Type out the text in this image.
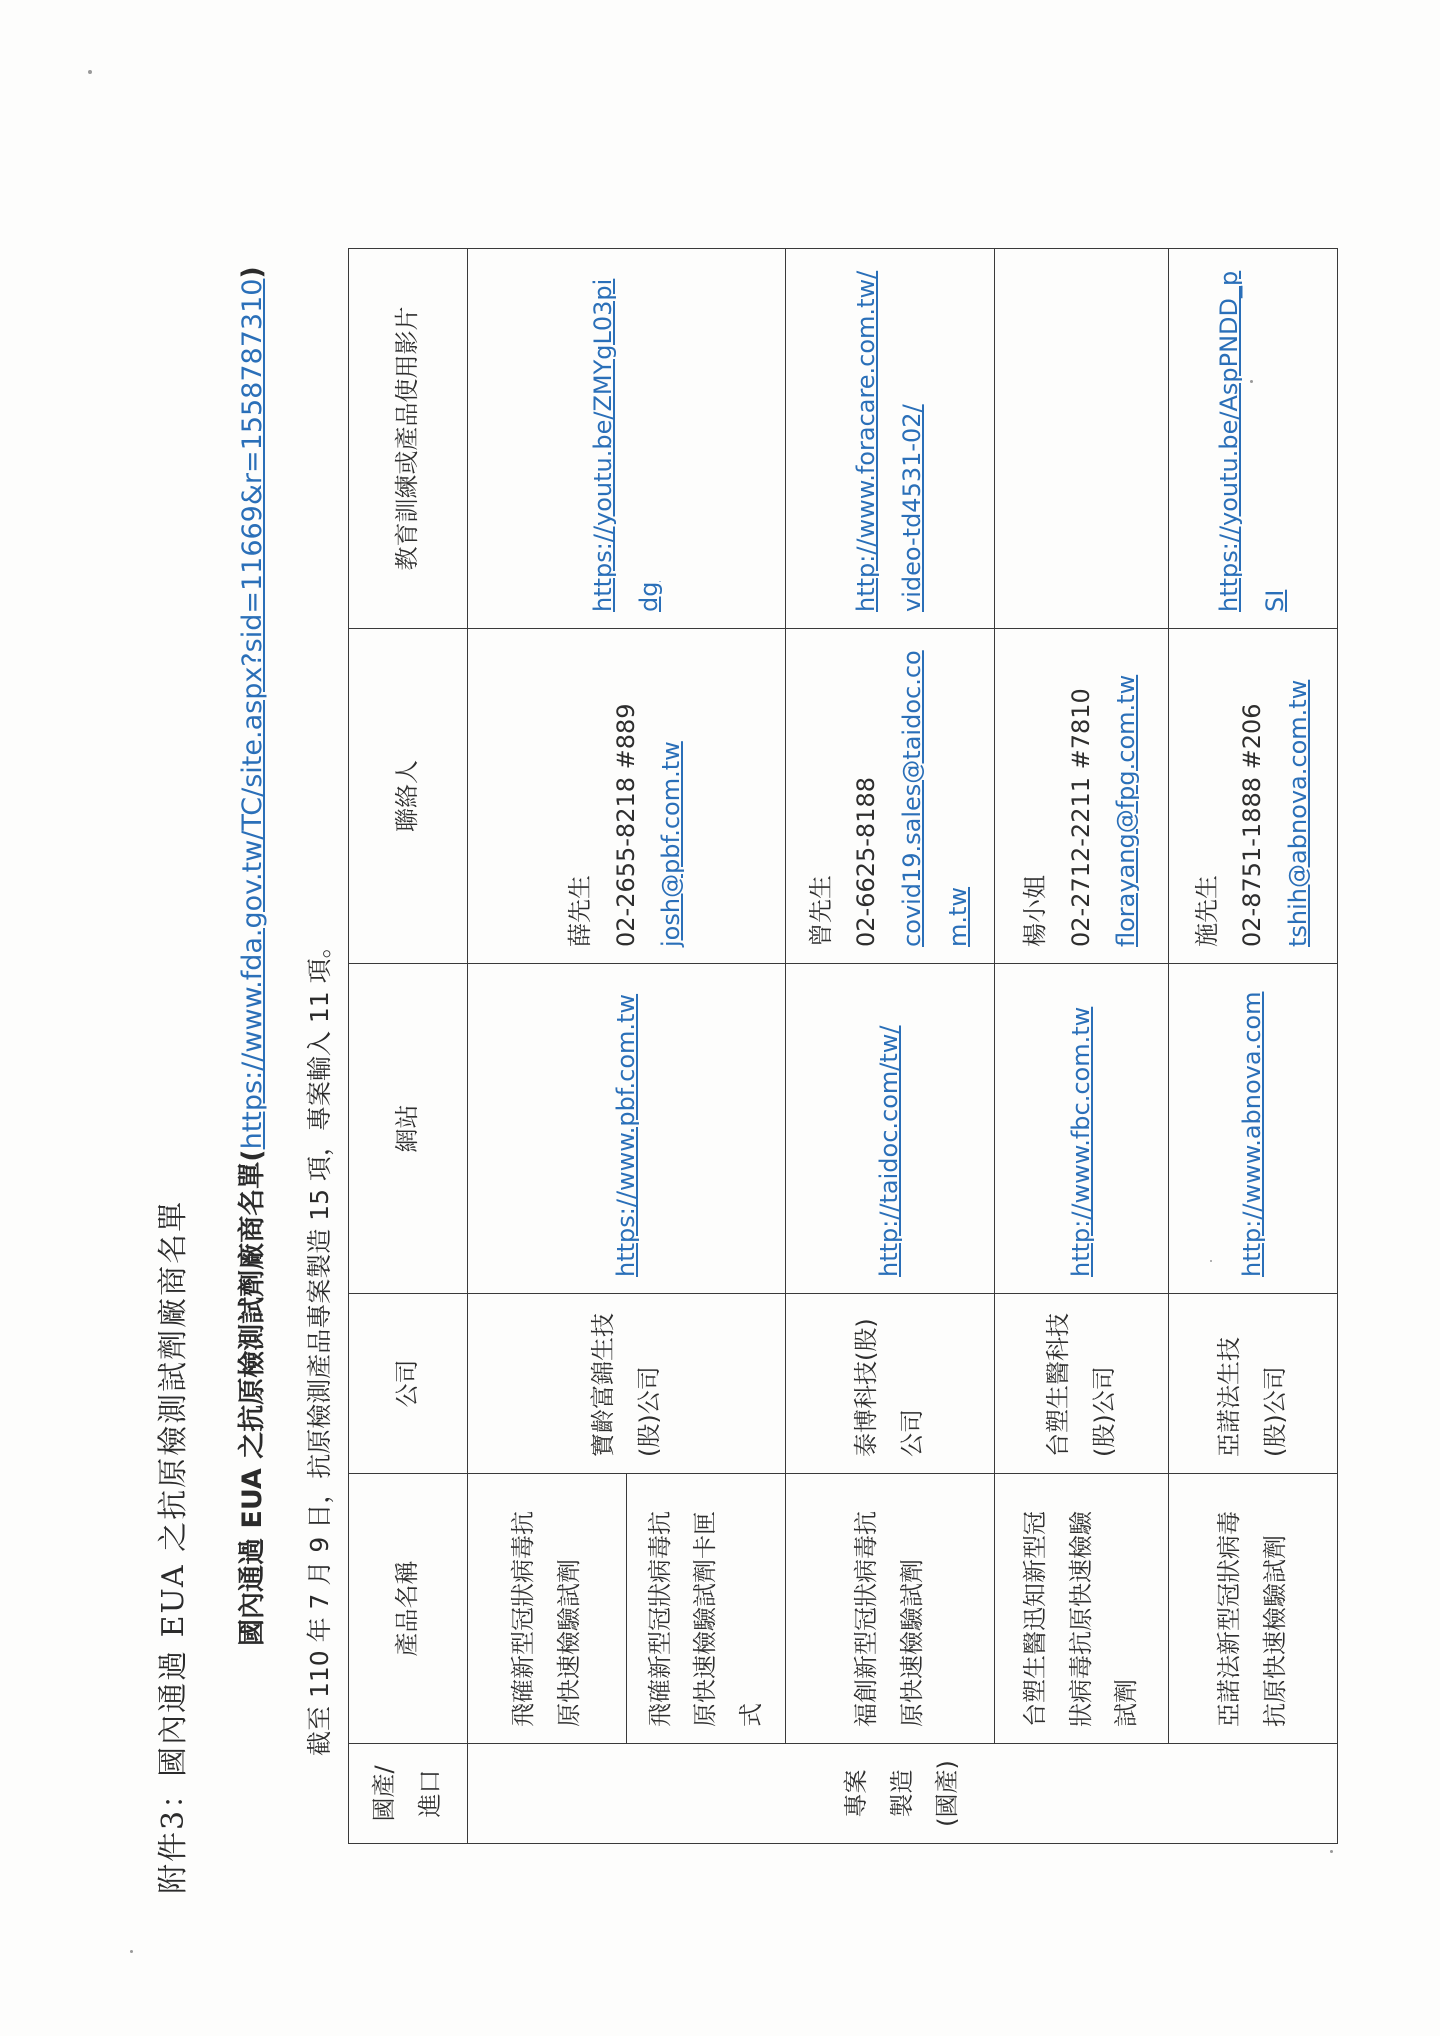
附件3：國內通過 EUA 之抗原檢測試劑廠商名單 國內通過 EUA 之抗原檢測試劑廠商名單(https://www.fda.gov.tw/TC/site.aspx?sid=11669&r=1558787310)
截至 110 年 7 月 9 日，抗原檢測產品專案製造 15 項，專案輸入 11 項。
國產/進口	產品名稱	公司	網站	聯絡人	教育訓練或產品使用影片
專案製造 (國產)	飛確新型冠狀病毒抗原快速檢驗試劑	寶齡富錦生技(股)公司	https://www.pbf.com.tw	薛先生 02-2655-8218 #889 josh@pbf.com.tw	https://youtu.be/ZMYgL03pidg
	飛確新型冠狀病毒抗原快速檢驗試劑卡匣式				
	福創新型冠狀病毒抗原快速檢驗試劑	泰博科技(股)公司	http://taidoc.com/tw/	曾先生 02-6625-8188 covid19.sales@taidoc.com.tw	http://www.foracare.com.tw/video-td4531-02/
	台塑生醫迅知新型冠狀病毒抗原快速檢驗試劑	台塑生醫科技(股)公司	http://www.fbc.com.tw	楊小姐 02-2712-2211 #7810 florayang@fpg.com.tw	

	亞諾法新型冠狀病毒抗原快速檢驗試劑	亞諾法生技(股)公司	http://www.abnova.com	施先生 02-8751-1888 #206 tshih@abnova.com.tw	https://youtu.be/AspPNDD_pSI
